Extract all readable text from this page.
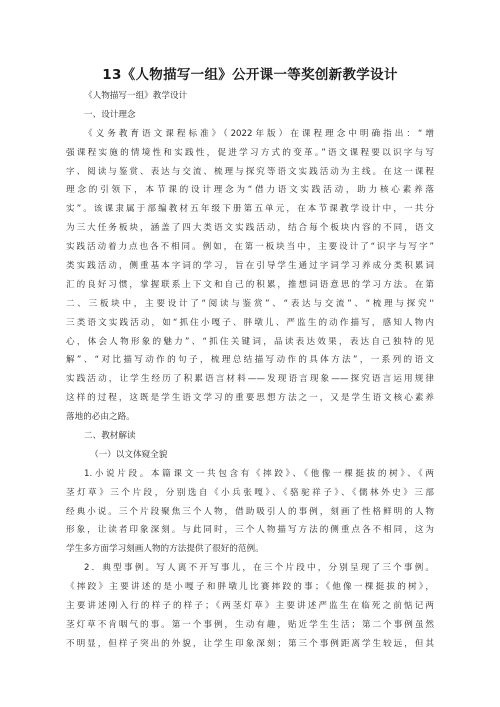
13《人物描写一组》公开课一等奖创新教学设计
《人物描写一组》教学设计
一、设计理念
《义务教育语文课程标准》（2022年版）在课程理念中明确指出：“增
强课程实施的情境性和实践性，促进学习方式的变革。”语文课程要以识字与写
字、阅读与鉴赏、表达与交流、梳理与探究等语文实践活动为主线。在这一课程
理念的引领下，本节课的设计理念为“借力语文实践活动，助力核心素养落
实”。该课隶属于部编教材五年级下册第五单元，在本节课教学设计中，一共分
为三大任务板块，涵盖了四大类语文实践活动，结合每个板块内容的不同，语文
实践活动着力点也各不相同。例如，在第一板块当中，主要设计了“识字与写字”
类实践活动，侧重基本字词的学习，旨在引导学生通过字词学习养成分类积累词
汇的良好习惯，掌握联系上下文和自己的积累，推想词语意思的学习方法。在第
二、三板块中，主要设计了“阅读与鉴赏”、“表达与交流”、“梳理与探究''
三类语文实践活动，如“抓住小嘎子、胖墩儿、严监生的动作描写，感知人物内
心，体会人物形象的魅力”、“抓住关键词，品读表达效果，表达自己独特的见
解”、“对比描写动作的句子，梳理总结描写动作的具体方法”，一系列的语文
实践活动，让学生经历了积累语言材料——发现语言现象——探究语言运用规律
这样的过程，这既是学生语文学习的重要思想方法之一，又是学生语文核心素养
落地的必由之路。
二、教材解读
（一）以文体窥全貌
1.小说片段。本篇课文一共包含有《摔跤》、《他像一棵挺拔的树》、《两
茎灯草》三个片段，分别选自《小兵张嘎》、《骆驼祥子》、《儒林外史》三部
经典小说。三个片段聚焦三个人物，借助吸引人的事例，刻画了性格鲜明的人物
形象，让读者印象深刻。与此同时，三个人物描写方法的侧重点各不相同，这为
学生多方面学习刻画人物的方法提供了很好的范例。
2．典型事例。写人离不开写事儿，在三个片段中，分别呈现了三个事例。
《摔跤》主要讲述的是小嘎子和胖墩儿比赛摔跤的事；《他像一棵挺拔的树》，
主要讲述刚入行的样子的样子；《两茎灯草》主要讲述严监生在临死之前惦记两
茎灯草不肯咽气的事。第一个事例，生动有趣，贴近学生生活；第二个事例虽然
不明显，但样子突出的外貌，让学生印象深刻；第三个事例距离学生较远，但其
